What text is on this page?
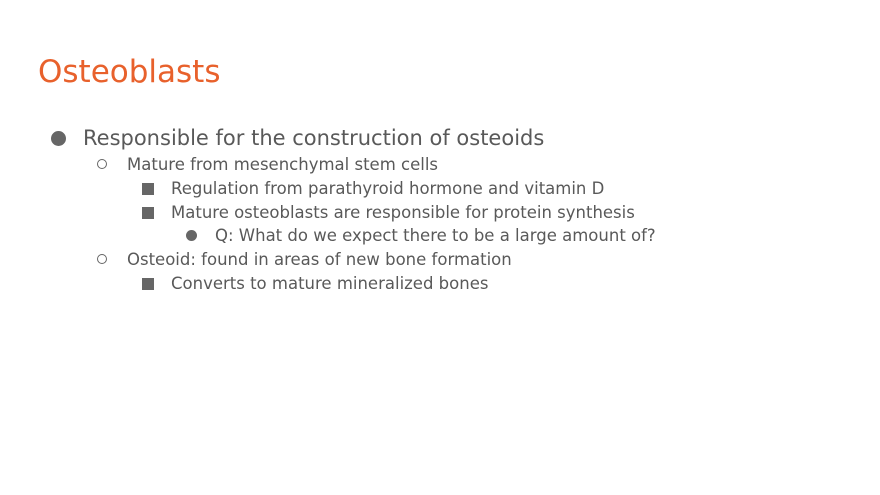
Osteoblasts
Responsible for the construction of osteoids
Mature from mesenchymal stem cells
Regulation from parathyroid hormone and vitamin D
Mature osteoblasts are responsible for protein synthesis
Q: What do we expect there to be a large amount of?
Osteoid: found in areas of new bone formation
Converts to mature mineralized bones
